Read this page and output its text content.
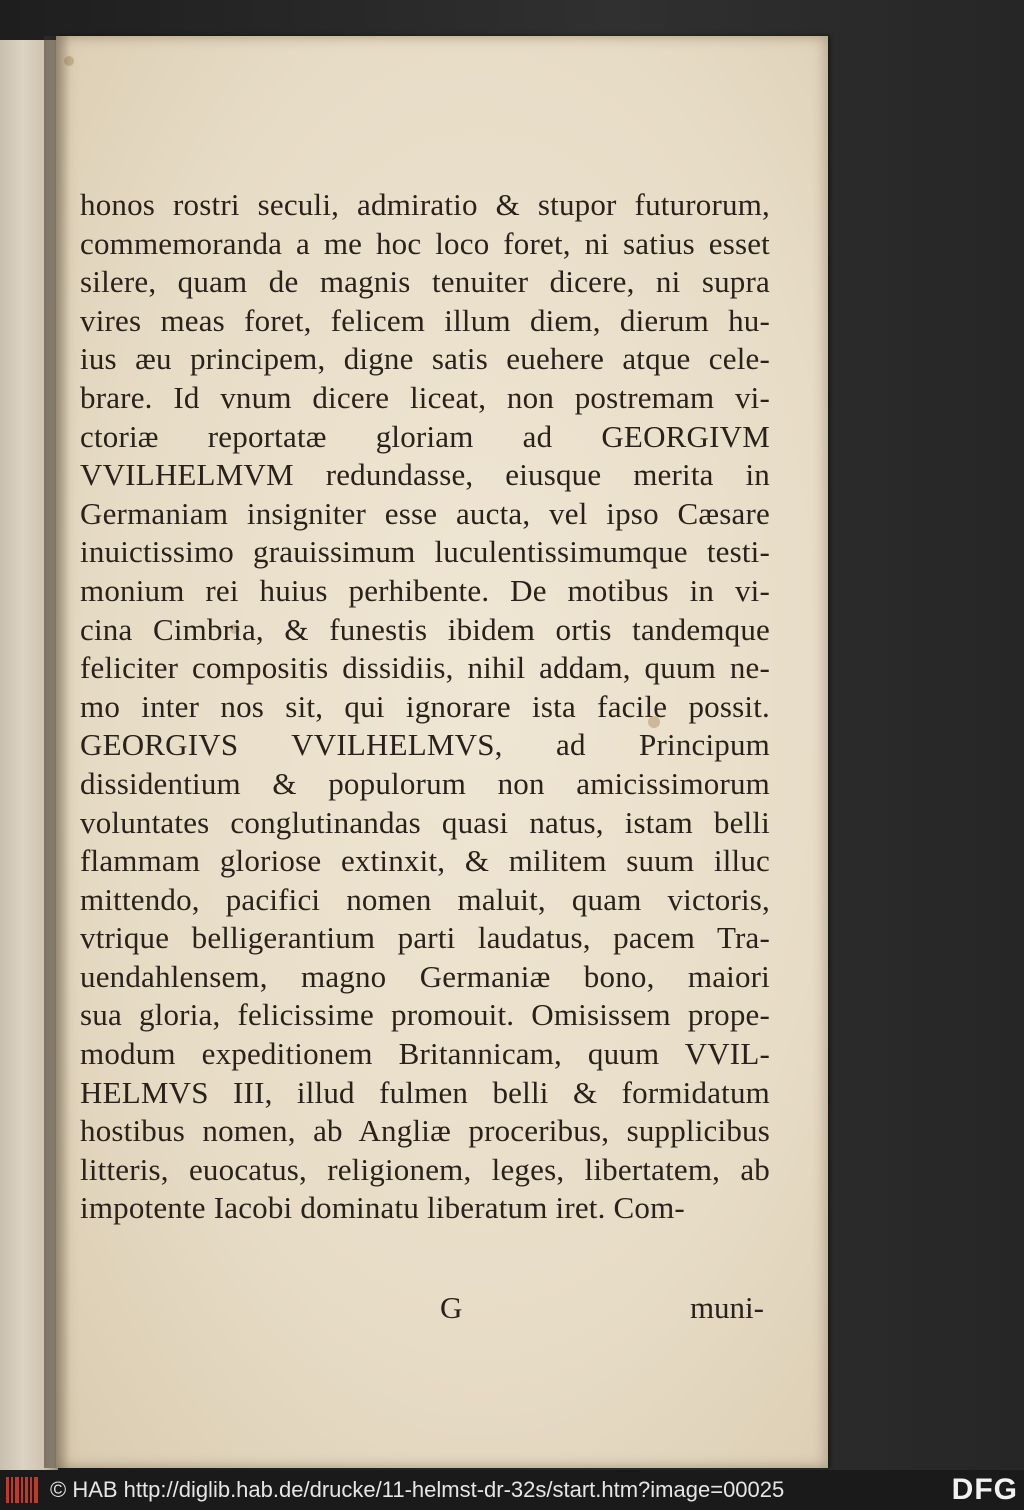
honos rostri seculi, admiratio & stupor futurorum,
commemoranda a me hoc loco foret, ni satius esset
silere, quam de magnis tenuiter dicere, ni supra
vires meas foret, felicem illum diem, dierum hu-
ius æu principem, digne satis euehere atque cele-
brare. Id vnum dicere liceat, non postremam vi-
ctoriæ reportatæ gloriam ad GEORGIVM
VVILHELMVM redundasse, eiusque merita in
Germaniam insigniter esse aucta, vel ipso Cæsare
inuictissimo grauissimum luculentissimumque testi-
monium rei huius perhibente. De motibus in vi-
cina Cimbria, & funestis ibidem ortis tandemque
feliciter compositis dissidiis, nihil addam, quum ne-
mo inter nos sit, qui ignorare ista facile possit.
GEORGIVS VVILHELMVS, ad Principum
dissidentium & populorum non amicissimorum
voluntates conglutinandas quasi natus, istam belli
flammam gloriose extinxit, & militem suum illuc
mittendo, pacifici nomen maluit, quam victoris,
vtrique belligerantium parti laudatus, pacem Tra-
uendahlensem, magno Germaniæ bono, maiori
sua gloria, felicissime promouit. Omisissem prope-
modum expeditionem Britannicam, quum VVIL-
HELMVS III, illud fulmen belli & formidatum
hostibus nomen, ab Angliæ proceribus, supplicibus
litteris, euocatus, religionem, leges, libertatem, ab
impotente Iacobi dominatu liberatum iret. Com-
G	muni-
© HAB http://diglib.hab.de/drucke/11-helmst-dr-32s/start.htm?image=00025	DFG
